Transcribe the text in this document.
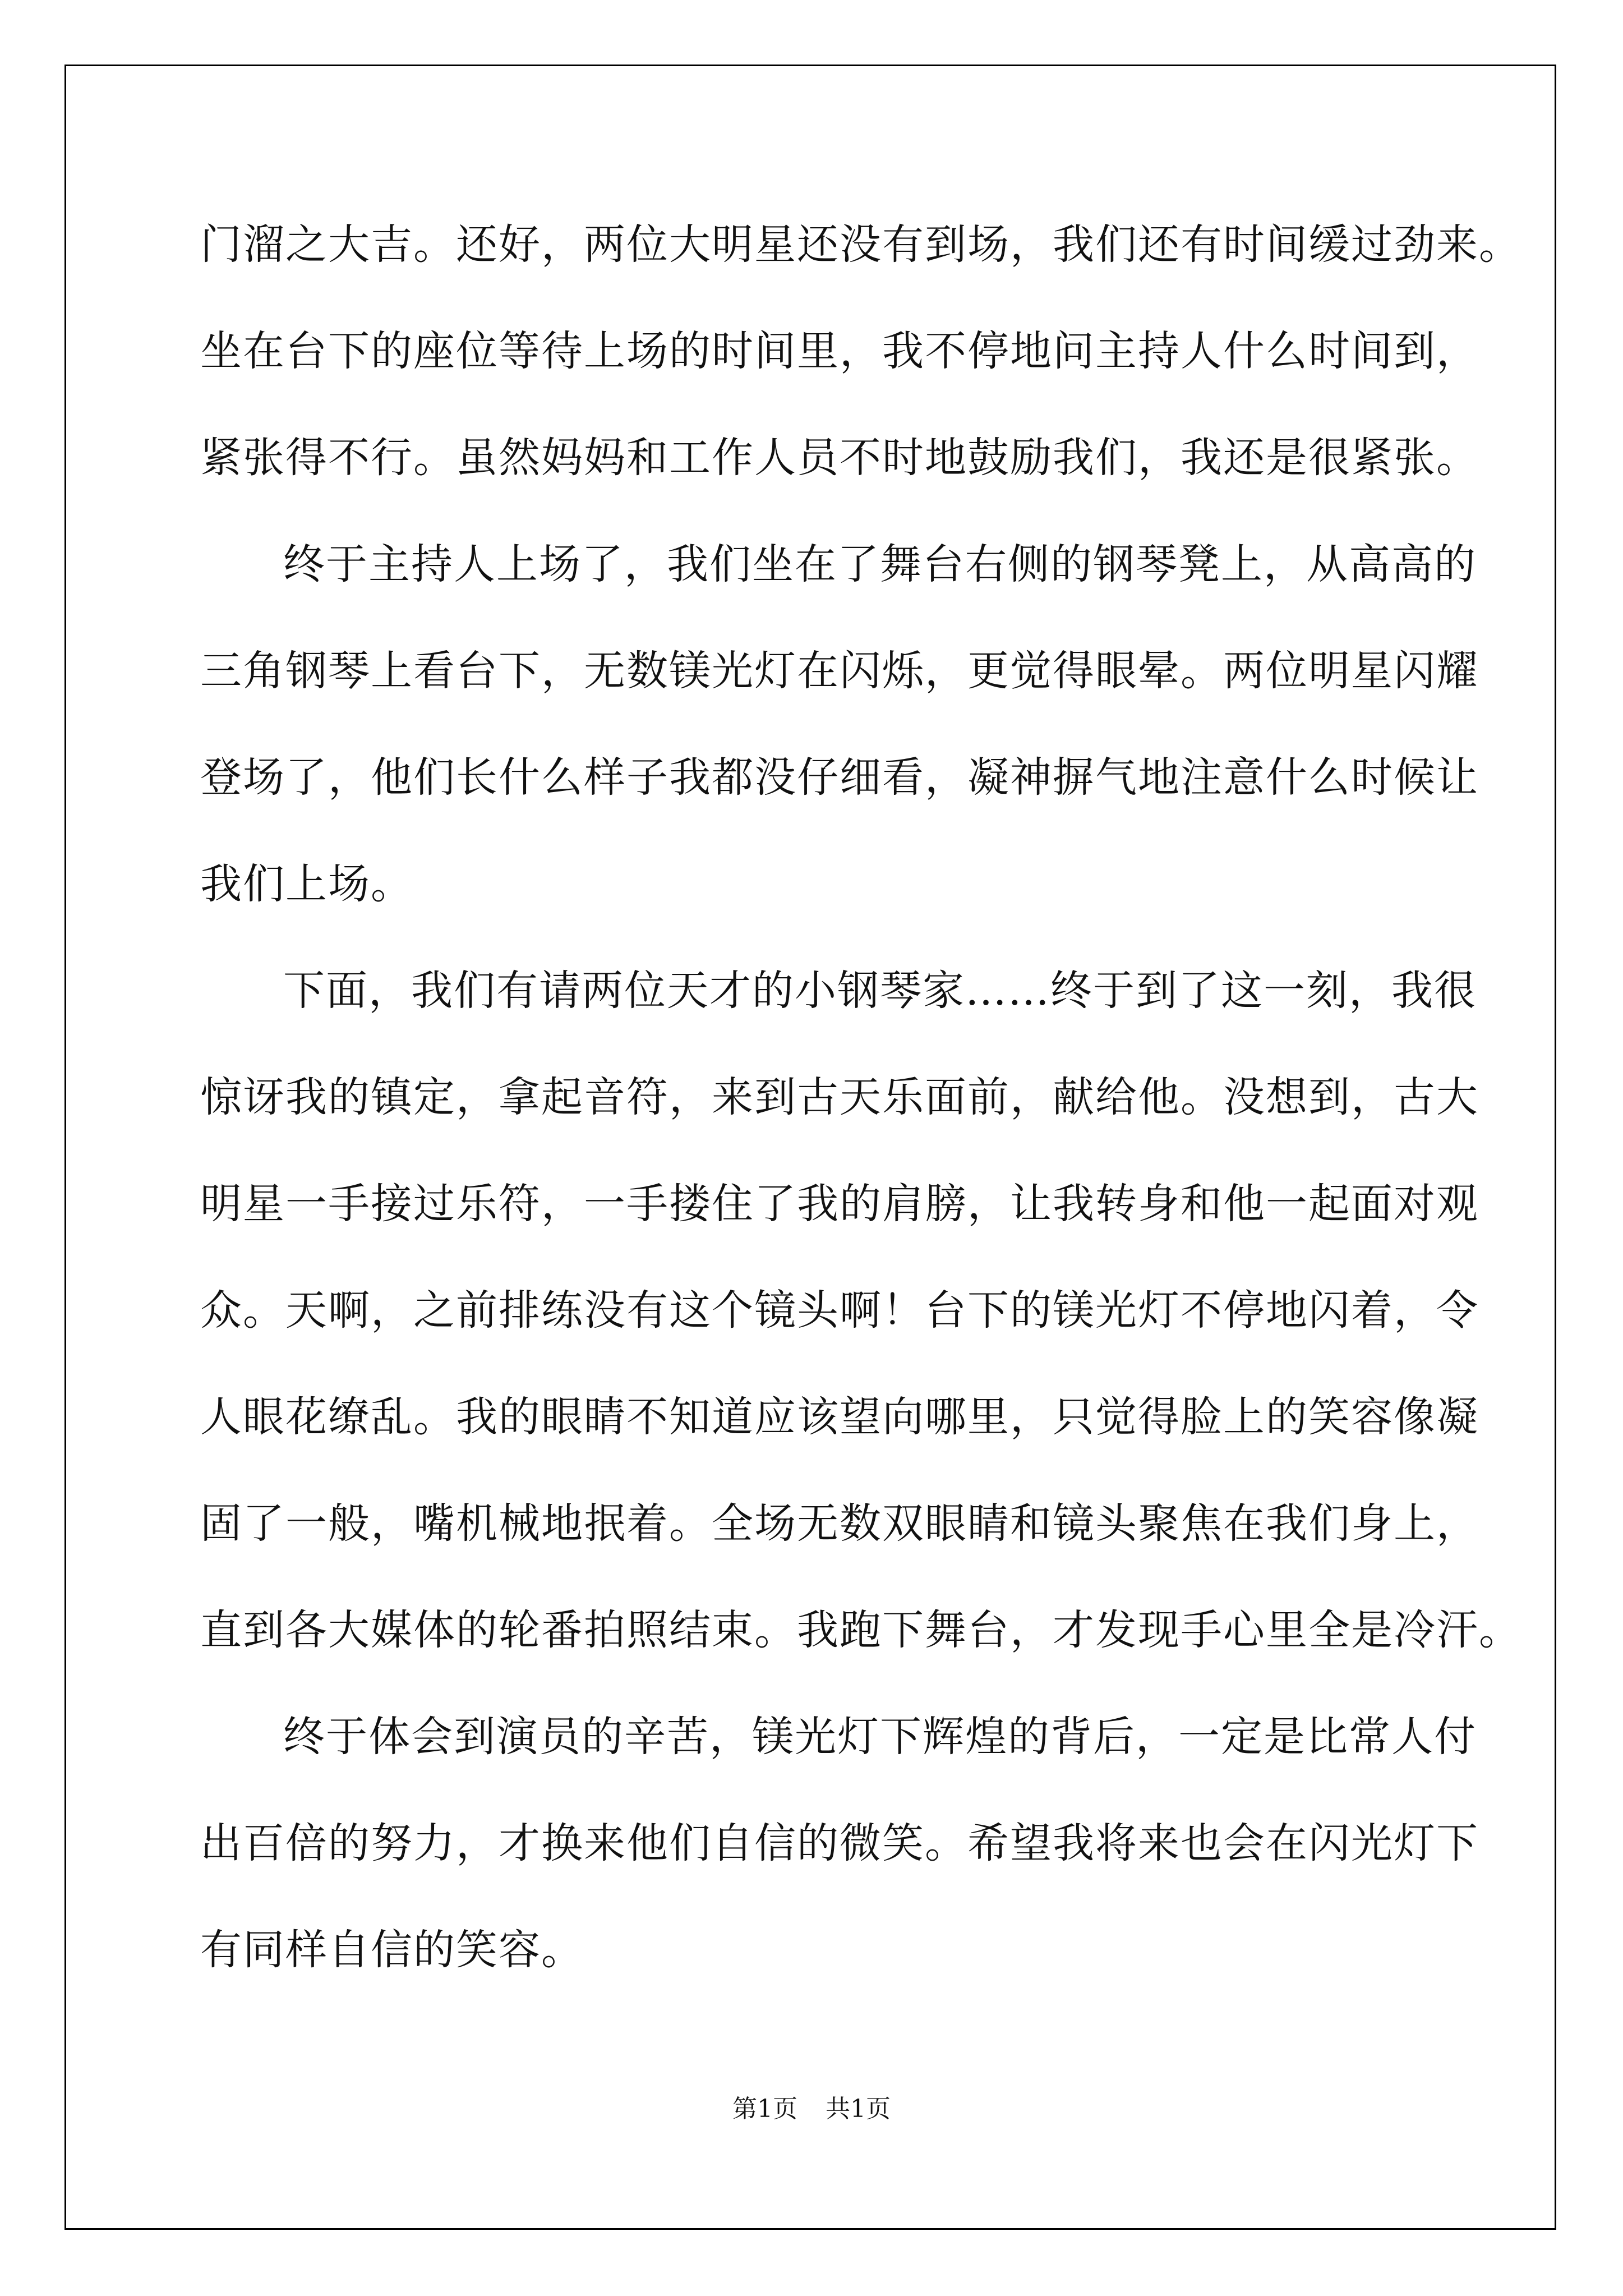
门溜之大吉。还好，两位大明星还没有到场，我们还有时间缓过劲来。
坐在台下的座位等待上场的时间里，我不停地问主持人什么时间到，
紧张得不行。虽然妈妈和工作人员不时地鼓励我们，我还是很紧张。
终于主持人上场了，我们坐在了舞台右侧的钢琴凳上，从高高的
三角钢琴上看台下，无数镁光灯在闪烁，更觉得眼晕。两位明星闪耀
登场了，他们长什么样子我都没仔细看，凝神摒气地注意什么时候让
我们上场。
下面，我们有请两位天才的小钢琴家……终于到了这一刻，我很
惊讶我的镇定，拿起音符，来到古天乐面前，献给他。没想到，古大
明星一手接过乐符，一手搂住了我的肩膀，让我转身和他一起面对观
众。天啊，之前排练没有这个镜头啊！台下的镁光灯不停地闪着，令
人眼花缭乱。我的眼睛不知道应该望向哪里，只觉得脸上的笑容像凝
固了一般，嘴机械地抿着。全场无数双眼睛和镜头聚焦在我们身上，
直到各大媒体的轮番拍照结束。我跑下舞台，才发现手心里全是冷汗。
终于体会到演员的辛苦，镁光灯下辉煌的背后，一定是比常人付
出百倍的努力，才换来他们自信的微笑。希望我将来也会在闪光灯下
有同样自信的笑容。
第1页 共1页
